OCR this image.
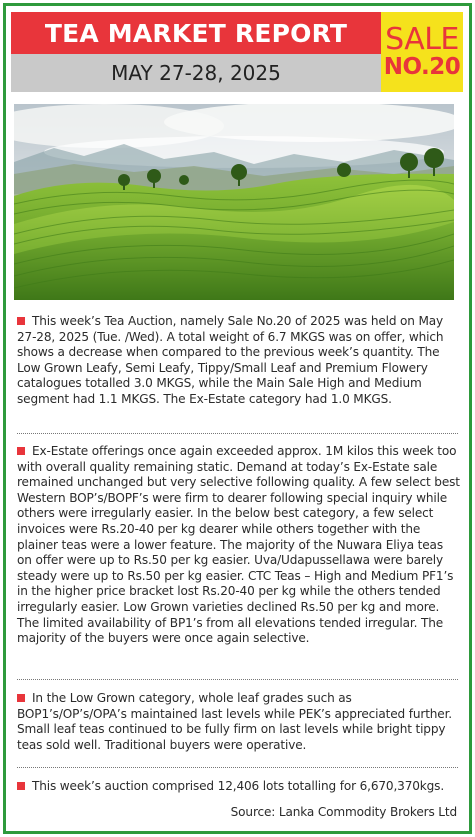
TEA MARKET REPORT
MAY 27-28, 2025
SALE
NO.20
This week’s Tea Auction, namely Sale No.20 of 2025 was held on May 27-28, 2025 (Tue. /Wed). A total weight of 6.7 MKGS was on offer, which shows a decrease when compared to the previous week’s quantity. The Low Grown Leafy, Semi Leafy, Tippy/Small Leaf and Premium Flowery catalogues totalled 3.0 MKGS, while the Main Sale High and Medium segment had 1.1 MKGS. The Ex-Estate category had 1.0 MKGS.
Ex-Estate offerings once again exceeded approx. 1M kilos this week too with overall quality remaining static. Demand at today’s Ex-Estate sale remained unchanged but very selective following quality. A few select best Western BOP’s/BOPF’s were firm to dearer following special inquiry while others were irregularly easier. In the below best category, a few select invoices were Rs.20-40 per kg dearer while others together with the plainer teas were a lower feature. The majority of the Nuwara Eliya teas on offer were up to Rs.50 per kg easier. Uva/Udapussellawa were barely steady were up to Rs.50 per kg easier. CTC Teas – High and Medium PF1’s in the higher price bracket lost Rs.20-40 per kg while the others tended irregularly easier. Low Grown varieties declined Rs.50 per kg and more. The limited availability of BP1’s from all elevations tended irregular. The majority of the buyers were once again selective.
In the Low Grown category, whole leaf grades such as BOP1’s/OP’s/OPA’s maintained last levels while PEK’s appreciated further. Small leaf teas continued to be fully firm on last levels while bright tippy teas sold well. Traditional buyers were operative.
This week’s auction comprised 12,406 lots totalling for 6,670,370kgs.
Source: Lanka Commodity Brokers Ltd
